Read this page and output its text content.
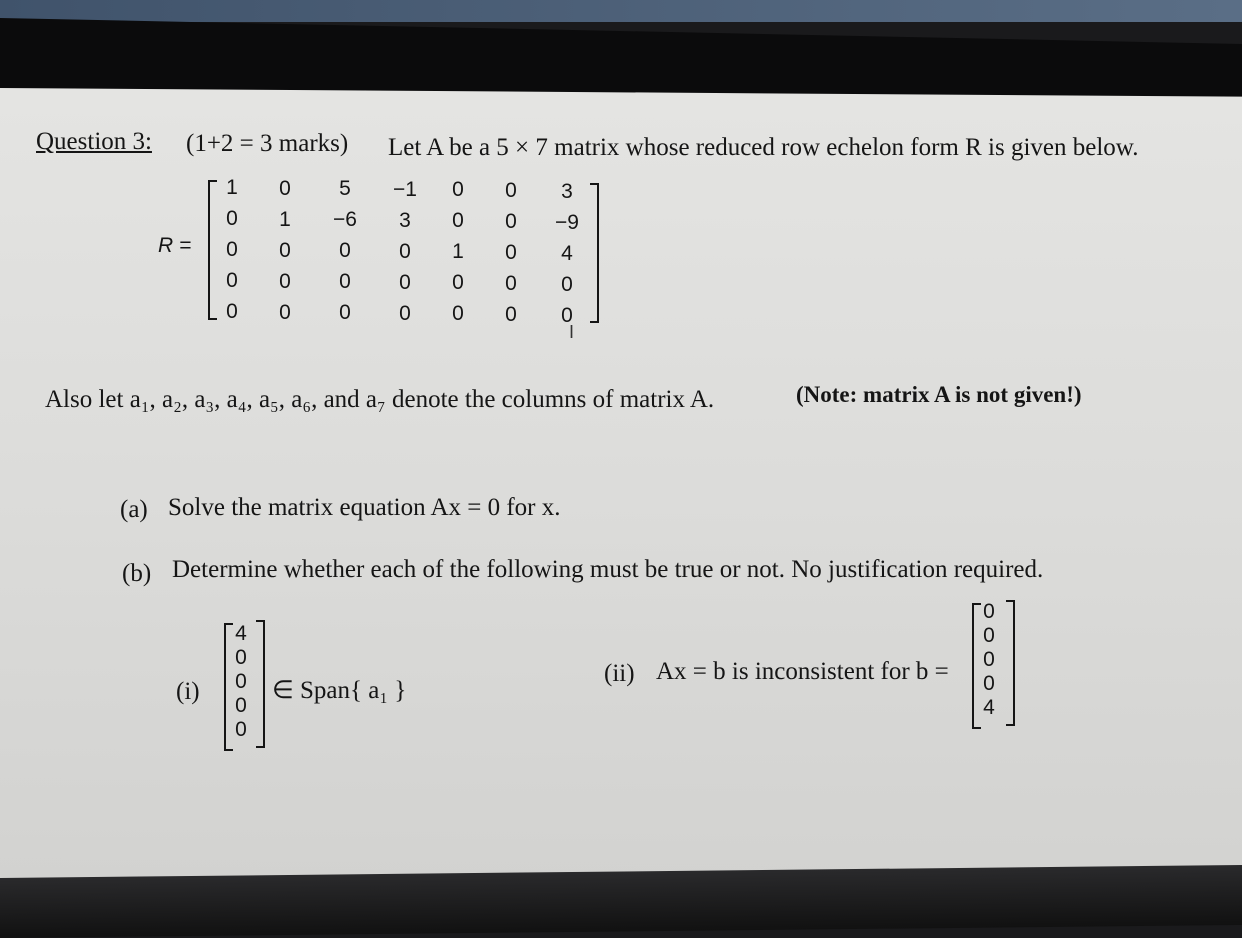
Question 3: (1+2 = 3 marks) Let A be a 5 × 7 matrix whose reduced row echelon form R is given below.
R =
1	0	5	−1	0	0	3
0	1	−6	3	0	0	−9
0	0	0	0	1	0	4
0	0	0	0	0	0	0
0	0	0	0	0	0	0
I
Also let a₁, a₂, a₃, a₄, a₅, a₆, and a₇ denote the columns of matrix A.	(Note: matrix A is not given!)
(a) Solve the matrix equation Ax = 0 for x.
(b) Determine whether each of the following must be true or not. No justification required.
(i)
4
0
0
0
0
∈ Span{ a₁ }
(ii) Ax = b is inconsistent for b =
0
0
0
0
4
